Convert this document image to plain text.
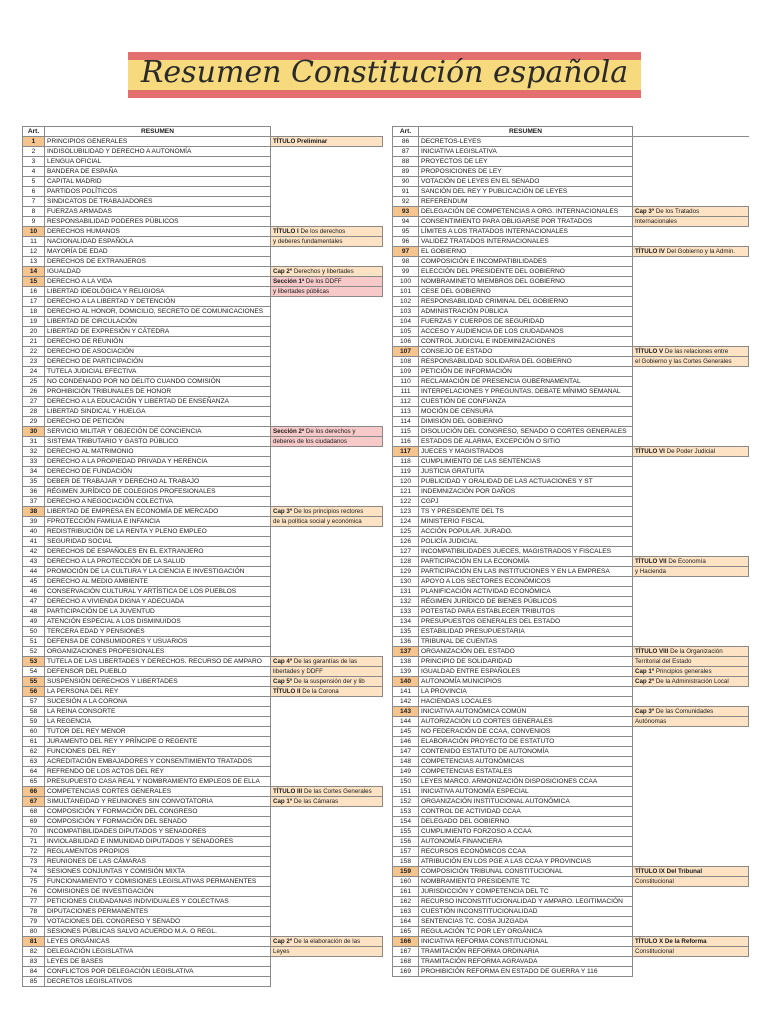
Resumen Constitución española
Art.	RESUMEN	
1	PRINCIPIOS GENERALES	TÍTULO Preliminar
2	INDISOLUBILIDAD Y DERECHO A AUTONOMÍA	
3	LENGUA OFICIAL	
4	BANDERA DE ESPAÑA	
5	CAPITAL MADRID	
6	PARTIDOS POLÍTICOS	
7	SINDICATOS DE TRABAJADORES	
8	FUERZAS ARMADAS	
9	RESPONSABILIDAD PODERES PÚBLICOS	
10	DERECHOS HUMANOS	TÍTULO I De los derechos
11	NACIONALIDAD ESPAÑOLA	y deberes fundamentales
12	MAYORÍA DE EDAD	
13	DERECHOS DE EXTRANJEROS	
14	IGUALDAD	Cap 2º Derechos y libertades
15	DERECHO A LA VIDA	Sección 1ª De los DDFF
16	LIBERTAD IDEOLÓGICA Y RELIGIOSA	y libertades públicas
17	DERECHO A LA LIBERTAD Y DETENCIÓN	
18	DERECHO AL HONOR, DOMICILIO, SECRETO DE COMUNICACIONES	
19	LIBERTAD DE CIRCULACIÓN	
20	LIBERTAD DE EXPRESIÓN Y CÁTEDRA	
21	DERECHO DE REUNIÓN	
22	DERECHO DE ASOCIACIÓN	
23	DERECHO DE PARTICIPACIÓN	
24	TUTELA JUDICIAL EFECTIVA	
25	NO CONDENADO POR NO DELITO CUANDO COMISIÓN	
26	PROHIBICIÓN TRIBUNALES DE HONOR	
27	DERECHO A LA EDUCACIÓN Y LIBERTAD DE ENSEÑANZA	
28	LIBERTAD SINDICAL Y HUELGA	
29	DERECHO DE PETICIÓN	
30	SERVICIO MILITAR Y OBJECIÓN DE CONCIENCIA	Sección 2ª De los derechos y
31	SISTEMA TRIBUTARIO Y GASTO PÚBLICO	deberes de los ciudadanos
32	DERECHO AL MATRIMONIO	
33	DERECHO A LA PROPIEDAD PRIVADA Y HERENCIA	
34	DERECHO DE FUNDACIÓN	
35	DEBER DE TRABAJAR Y DERECHO AL TRABAJO	
36	RÉGIMEN JURÍDICO DE COLEGIOS PROFESIONALES	
37	DERECHO A NEGOCIACIÓN COLECTIVA	
38	LIBERTAD DE EMPRESA EN ECONOMÍA DE MERCADO	Cap 3º De los principios rectores
39	FPROTECCIÓN FAMILIA E INFANCIA	de la política social y económica
40	REDISTRIBUCIÓN DE LA RENTA Y PLENO EMPLEO	
41	SEGURIDAD SOCIAL	
42	DERECHOS DE ESPAÑOLES EN EL EXTRANJERO	
43	DERECHO A LA PROTECCIÓN DE LA SALUD	
44	PROMOCIÓN DE LA CULTURA Y LA CIENCIA E INVESTIGACIÓN	
45	DERECHO AL MEDIO AMBIENTE	
46	CONSERVACIÓN CULTURAL Y ARTÍSTICA DE LOS PUEBLOS	
47	DERECHO A VIVIENDA DIGNA Y ADECUADA	
48	PARTICIPACIÓN DE LA JUVENTUD	
49	ATENCIÓN ESPECIAL A LOS DISMINUIDOS	
50	TERCERA EDAD Y PENSIONES	
51	DEFENSA DE CONSUMIDORES Y USUARIOS	
52	ORGANIZACIONES PROFESIONALES	
53	TUTELA DE LAS LIBERTADES Y DERECHOS. RECURSO DE AMPARO	Cap 4º De las garantías de las
54	DEFENSOR DEL PUEBLO	libertades y DDFF
55	SUSPENSIÓN DERECHOS Y LIBERTADES	Cap 5º De la suspensión der y lib
56	LA PERSONA DEL REY	TÍTULO II De la Corona
57	SUCESIÓN A LA CORONA	
58	LA REINA CONSORTE	
59	LA REGENCIA	
60	TUTOR DEL REY MENOR	
61	JURAMENTO DEL REY Y PRÍNCIPE O REGENTE	
62	FUNCIONES DEL REY	
63	ACREDITACIÓN EMBAJADORES Y CONSENTIMIENTO TRATADOS	
64	REFRENDO DE LOS ACTOS DEL REY	
65	PRESUPUESTO CASA REAL Y NOMBRAMIENTO EMPLEOS DE ELLA	
66	COMPETENCIAS CORTES GENERALES	TÍTULO III De las Cortes Generales
67	SIMULTANEIDAD Y REUNIONES SIN CONVOTATORIA	Cap 1º De las Cámaras
68	COMPOSICIÓN Y FORMACIÓN DEL CONGRESO	
69	COMPOSICIÓN Y FORMACIÓN DEL SENADO	
70	INCOMPATIBILIDADES DIPUTADOS Y SENADORES	
71	INVIOLABILIDAD E INMUNIDAD DIPUTADOS Y SENADORES	
72	REGLAMENTOS PROPIOS	
73	REUNIONES DE LAS CÁMARAS	
74	SESIONES CONJUNTAS Y COMISIÓN MIXTA	
75	FUNCIONAMIENTO Y COMISIONES LEGISLATIVAS PERMANENTES	
76	COMISIONES DE INVESTIGACIÓN	
77	PETICIONES CIUDADANAS INDIVIDUALES Y COLECTIVAS	
78	DIPUTACIONES PERMANENTES	
79	VOTACIONES DEL CONGRESO Y SENADO	
80	SESIONES PÚBLICAS SALVO ACUERDO M.A. O REGL.	
81	LEYES ORGÁNICAS	Cap 2º De la elaboración de las
82	DELEGACIÓN LEGISLATIVA	Leyes
83	LEYES DE BASES	
84	CONFLICTOS POR DELEGACIÓN LEGISLATIVA	
85	DECRETOS LEGISLATIVOS	
Art.	RESUMEN	
86	DECRETOS-LEYES	
87	INICIATIVA LEGISLATIVA	
88	PROYECTOS DE LEY	
89	PROPOSICIONES DE LEY	
90	VOTACIÓN DE LEYES EN EL SENADO	
91	SANCIÓN DEL REY Y PUBLICACIÓN DE LEYES	
92	REFERENDUM	
93	DELEGACIÓN DE COMPETENCIAS A ORG. INTERNACIONALES	Cap 3º De los Tratados
94	CONSENTIMIENTO PARA OBLIGARSE POR TRATADOS	Internacionales
95	LÍMITES A LOS TRATADOS INTERNACIONALES	
96	VALIDEZ TRATADOS INTERNACIONALES	
97	EL GOBIERNO	TÍTULO IV Del Gobierno y la Admin.
98	COMPOSICIÓN E INCOMPATIBILIDADES	
99	ELECCIÓN DEL PRESIDENTE DEL GOBIERNO	
100	NOMBRAMINETO MIEMBROS DEL GOBIERNO	
101	CESE DEL GOBIERNO	
102	RESPONSABILIDAD CRIMINAL DEL GOBIERNO	
103	ADMINISTRACIÓN PÚBLICA	
104	FUERZAS Y CUERPOS DE SEGURIDAD	
105	ACCESO Y AUDIENCIA DE LOS CIUDADANOS	
106	CONTROL JUDICIAL E INDEMINIZACIONES	
107	CONSEJO DE ESTADO	TÍTULO V De las relaciones entre
108	RESPONSABILIDAD SOLIDARIA DEL GOBIERNO	el Gobierno y las Cortes Generales
109	PETICIÓN DE INFORMACIÓN	
110	RECLAMACIÓN DE PRESENCIA GUBERNAMENTAL	
111	INTERPELACIONES Y PREGUNTAS. DEBATE MÍNIMO SEMANAL	
112	CUESTIÓN DE CONFIANZA	
113	MOCIÓN DE CENSURA	
114	DIMISIÓN DEL GOBIERNO	
115	DISOLUCIÓN DEL CONGRESO, SENADO O CORTES GENERALES	
116	ESTADOS DE ALARMA, EXCEPCIÓN O SITIO	
117	JUECES Y MAGISTRADOS	TÍTULO VI De Poder Judicial
118	CUMPLIMIENTO DE LAS SENTENCIAS	
119	JUSTICIA GRATUITA	
120	PUBLICIDAD Y ORALIDAD DE LAS ACTUACIONES Y ST	
121	INDEMNIZACIÓN POR DAÑOS	
122	CGPJ	
123	TS Y PRESIDENTE DEL TS	
124	MINISTERIO FISCAL	
125	ACCIÓN POPULAR. JURADO.	
126	POLICÍA JUDICIAL	
127	INCOMPATIBILIDADES JUECES, MAGISTRADOS Y FISCALES	
128	PARTICIPACIÓN EN LA ECONOMÍA	TÍTULO VII De Economía
129	PARTICIPACIÓN EN LAS INSTITUCIONES Y EN LA EMPRESA	y Hacienda
130	APOYO A LOS SECTORES ECONÓMICOS	
131	PLANIFICACIÓN ACTIVIDAD ECONÓMICA	
132	RÉGIMEN JURÍDICO DE BIENES PÚBLICOS	
133	POTESTAD PARA ESTABLECER TRIBUTOS	
134	PRESUPUESTOS GENERALES DEL ESTADO	
135	ESTABILIDAD PRESUPUESTARIA	
136	TRIBUNAL DE CUENTAS	
137	ORGANIZACIÓN DEL ESTADO	TÍTULO VIII De la Organización
138	PRINCIPIO DE SOLIDARIDAD	Territorial del Estado
139	IGUALDAD ENTRE ESPAÑOLES	Cap 1º Principios generales
140	AUTONOMÍA MUNICIPIOS	Cap 2º De la Administración Local
141	LA PROVINCIA	
142	HACIENDAS LOCALES	
143	INICIATIVA AUTONÓMICA COMÚN	Cap 3º De las Comunidades
144	AUTORIZACIÓN LO CORTES GENERALES	Autónomas
145	NO FEDERACIÓN DE CCAA, CONVENIOS	
146	ELABORACIÓN PROYECTO DE ESTATUTO	
147	CONTENIDO ESTATUTO DE AUTONOMÍA	
148	COMPETENCIAS AUTONÓMICAS	
149	COMPETENCIAS ESTATALES	
150	LEYES MARCO. ARMONIZACIÓN DISPOSICIONES CCAA	
151	INICIATIVA AUTONOMÍA ESPECIAL	
152	ORGANIZACIÓN INSTITUCIONAL AUTONÓMICA	
153	CONTROL DE ACTIVIDAD CCAA	
154	DELEGADO DEL GOBIERNO	
155	CUMPLIMIENTO FORZOSO A CCAA	
156	AUTONOMÍA FINANCIERA	
157	RECURSOS ECONÓMICOS CCAA	
158	ATRIBUCIÓN EN LOS PGE A LAS CCAA Y PROVINCIAS	
159	COMPOSICIÓN TRIBUNAL CONSTITUCIONAL	TÍTULO IX Del Tribunal
160	NOMBRAMIENTO PRESIDENTE TC	Constitucional
161	JURISDICCIÓN Y COMPETENCIA DEL TC	
162	RECURSO INCONSTITUCIONALIDAD Y AMPARO. LEGITIMACIÓN	
163	CUESTIÓN INCONSTITUCIONALIDAD	
164	SENTENCIAS TC. COSA JUZGADA	
165	REGULACIÓN TC POR LEY ORGÁNICA	
166	INICIATIVA REFORMA CONSTITUCIONAL	TÍTULO X De la Reforma
167	TRAMITACIÓN REFORMA ORDINARIA	Constitucional
168	TRAMITACIÓN REFORMA AGRAVADA	
169	PROHIBICIÓN REFORMA EN ESTADO DE GUERRA Y 116	
